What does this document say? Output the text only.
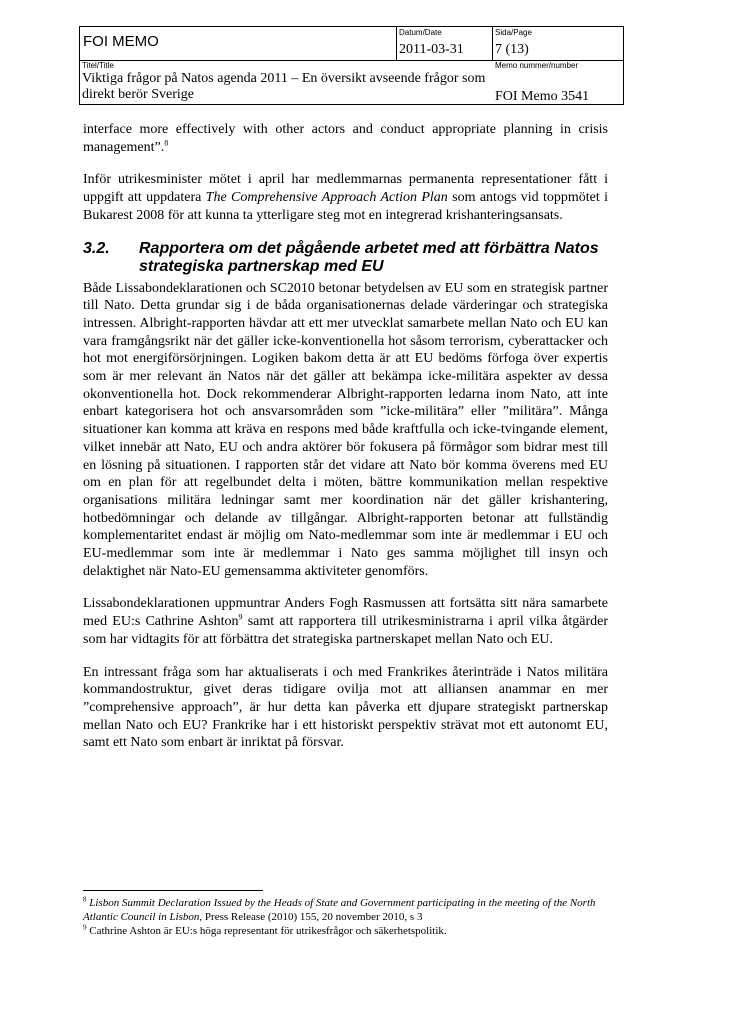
FOI MEMO
Datum/Date
2011-03-31
Sida/Page
7 (13)
Titel/Title
Viktiga frågor på Natos agenda 2011 – En översikt avseende frågor som direkt berör Sverige
Memo nummer/number
FOI Memo 3541

interface more effectively with other actors and conduct appropriate planning in crisis management”.$^8$

Inför utrikesminister mötet i april har medlemmarnas permanenta representationer fått i uppgift att uppdatera The Comprehensive Approach Action Plan som antogs vid toppmötet i Bukarest 2008 för att kunna ta ytterligare steg mot en integrerad krishanteringsansats.

3.2.	Rapportera om det pågående arbetet med att förbättra Natos strategiska partnerskap med EU

Både Lissabondeklarationen och SC2010 betonar betydelsen av EU som en strategisk partner till Nato. Detta grundar sig i de båda organisationernas delade värderingar och strategiska intressen. Albright-rapporten hävdar att ett mer utvecklat samarbete mellan Nato och EU kan vara framgångsrikt när det gäller icke-konventionella hot såsom terrorism, cyberattacker och hot mot energiförsörjningen. Logiken bakom detta är att EU bedöms förfoga över expertis som är mer relevant än Natos när det gäller att bekämpa icke-militära aspekter av dessa okonventionella hot. Dock rekommenderar Albright-rapporten ledarna inom Nato, att inte enbart kategorisera hot och ansvarsområden som ”icke-militära” eller ”militära”. Många situationer kan komma att kräva en respons med både kraftfulla och icke-tvingande element, vilket innebär att Nato, EU och andra aktörer bör fokusera på förmågor som bidrar mest till en lösning på situationen. I rapporten står det vidare att Nato bör komma överens med EU om en plan för att regelbundet delta i möten, bättre kommunikation mellan respektive organisations militära ledningar samt mer koordination när det gäller krishantering, hotbedömningar och delande av tillgångar. Albright-rapporten betonar att fullständig komplementaritet endast är möjlig om Nato-medlemmar som inte är medlemmar i EU och EU-medlemmar som inte är medlemmar i Nato ges samma möjlighet till insyn och delaktighet när Nato-EU gemensamma aktiviteter genomförs.

Lissabondeklarationen uppmuntrar Anders Fogh Rasmussen att fortsätta sitt nära samarbete med EU:s Cathrine Ashton$^9$ samt att rapportera till utrikesministrarna i april vilka åtgärder som har vidtagits för att förbättra det strategiska partnerskapet mellan Nato och EU.

En intressant fråga som har aktualiserats i och med Frankrikes återinträde i Natos militära kommandostruktur, givet deras tidigare ovilja mot att alliansen anammar en mer ”comprehensive approach”, är hur detta kan påverka ett djupare strategiskt partnerskap mellan Nato och EU? Frankrike har i ett historiskt perspektiv strävat mot ett autonomt EU, samt ett Nato som enbart är inriktat på försvar.

$^8$ Lisbon Summit Declaration Issued by the Heads of State and Government participating in the meeting of the North Atlantic Council in Lisbon, Press Release (2010) 155, 20 november 2010, s 3
$^9$ Cathrine Ashton är EU:s höga representant för utrikesfrågor och säkerhetspolitik.
